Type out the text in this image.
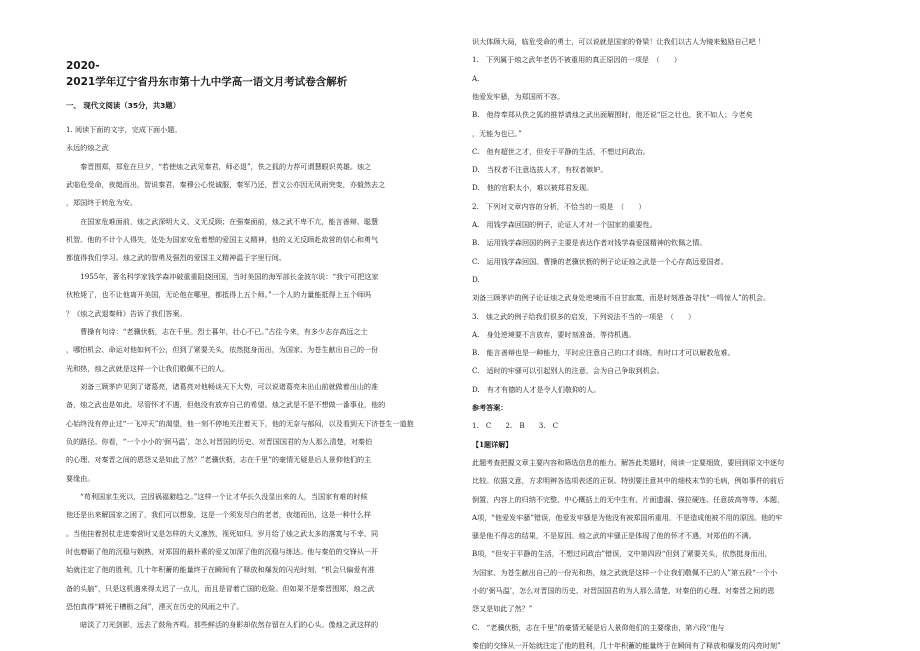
2020-
2021学年辽宁省丹东市第十九中学高一语文月考试卷含解析
一、 现代文阅读（35分，共3题）
1. 阅读下面的文字，完成下面小题。
永远的烛之武
　　秦晋围郑，郑危在旦夕，“若使烛之武见秦君，师必退”，佚之狐的力荐可谓慧眼识英雄。烛之
武临危受命，夜缒而出，智说秦君，秦穆公心悦诚服，秦军乃还，晋文公亦因无风雨突变，亦毅然去之
，郑国终于转危为安。
　　在国家危难面前，烛之武深明大义、义无反顾；在强秦面前，烛之武不卑不亢，能言善辩、聪慧
机智。他的不计个人得失，处处为国家安危着想的爱国主义精神，他的义无反顾赴敌营的信心和勇气
都值得我们学习。烛之武的智勇及强烈的爱国主义精神温于字里行间。
　　1955年，著名科学家钱学森冲破重重阻挠回国，当时美国的海军部长金波尔说：“我宁可把这家
伙枪毙了，也不让他离开美国，无论他在哪里，都抵得上五个师。”一个人的力量能抵得上五个师吗
？《烛之武退秦师》告诉了我们答案。
　　曹操有句诗：“老骥伏枥，志在千里。烈士暮年，壮心不已。”古往今来，有多少志存高远之士
，哪怕机会、命运对他如何不公，但到了紧要关头，依然挺身而出，为国家、为苍生献出自己的一份
光和热，烛之武就是这样一个让我们敬佩不已的人。
　　刘备三顾茅庐见到了诸葛亮，诸葛亮对他畅谈天下大势，可以说诸葛亮未出山前就做着出山的准
备，烛之武也是如此，尽管怀才不遇，但他没有放弃自己的希望。烛之武是不是不想做一番事业，他的
心始终没有停止过“一飞冲天”的渴望，他一刻不停地关注着天下，他的无奈与郁闷，以及看到天下济苍生一道抱
负的路径。你看，“一个小小的‘弼马温’，怎么对晋国的历史、对晋国国君的为人那么清楚，对秦伯
的心理、对秦晋之间的恩怨又是如此了然？”老骥伏枥，志在千里”的豪情无疑是后人景仰他们的主
要缘由。
　　“苟利国家生死以，岂因祸福避趋之。”这样一个让才华长久没显出来的人，当国家有难的时候
他还是出来解国家之困了，我们可以想象，这是一个须发尽白的老者，夜缒而出，这是一种什么样
。当他挂着拐杖走进秦营时又是怎样的大义凛然，视死如归。岁月给了烛之武太多的落寞与不幸，同
时也磨砺了他的沉稳与娴熟，对郑国的最朴素的爱又加深了他的沉稳与练达。他与秦伯的交锋从一开
始就注定了他的胜利，几十年积蓄的能量终于在瞬间有了释放和爆发的闪光时刻，“机会只偏爱有准
备的头脑”，只是这机遇来得太迟了一点儿，而且是冒着亡国的危险。但如果不是秦晋围郑，烛之武
恐怕真得“耕死于槽枥之间”，湮灭在历史的风雨之中了。
　　暗淡了刀光剑影，远去了鼓角齐鸣。那些鲜活的身影却依然存留在人们的心头。像烛之武这样的
识大体顾大局，临危受命的勇士，可以说就是国家的脊梁！让我们以古人为镜来勉励自己吧 ！
1.　下列属于烛之武年老仍不被重用的真正原因的一项是　（　　）
A.
他爱发牢骚，为郑国所不容。
B.　他侍奉郑从佚之狐的推荐请烛之武出面解围时，他还说“臣之壮也，犹不如人；今老矣
，无能为也已。”
C.　他有超世之才，但安于平静的生活，不想过问政治。
D.　当权者不注意选拔人才，有权者嫉妒。
D.　他的官职太小，难以被郑君发现。
2.　下列对文章内容的分析，不恰当的一项是　（　　）
A.　用钱学森回国的例子，论证人才对一个国家的重要性。
B.　运用钱学森回国的例子主要是表达作者对钱学森爱国精神的钦佩之情。
C.　运用钱学森回国、曹操的老骥伏枥的例子论证烛之武是一个心存高远爱国者。
D.
刘备三顾茅庐的例子论证烛之武身处逆境而不自甘寂寞，而是时刻准备寻找“一鸣惊人”的机会。
3.　烛之武的例子给我们很多的启发，下列说法不当的一项是　（　　）
A.　身处逆境要不言放弃，要时刻准备，等待机遇。
B.　能言善辩也是一种能力，平时应注意自己的口才训练，有时口才可以解救危难。
C.　适时的牢骚可以引起别人的注意，会为自己争取到机会。
D.　有才有德的人才是令人们敬仰的人。
参考答案：
1.　C　　2.　B　　3.　C
【1题详解】
此题考查把握文章主要内容和筛选信息的能力。解答此类题时，阅读一定要细致，要回到原文中逐句
比较。依据文意，方求明辨各选项表述的正误。特别要注意其中的细枝末节的毛病，例如事件的前后
倒置、内容上的归纳不完整、中心概括上的无中生有、片面遗漏、强拉硬连、任意拔高等等。本题，
A项，“他爱发牢骚”错误，他爱发牢骚是为他没有被郑国所重用，不是造成他被不用的原因。他的牢
骚是他不得志的结果，不是原因。烛之武的牢骚正是体现了他的怀才不遇，对郑伯的不满。
B项，“但安于平静的生活，不想过问政治”错误，文中第四段“但到了紧要关头，依然挺身而出，
为国家、为苍生献出自己的一份光和热，烛之武就是这样一个让我们敬佩不已的人”第五段“一个小
小的‘弼马温’，怎么对晋国的历史、对晋国国君的为人那么清楚，对秦伯的心理、对秦晋之间的恩
怨又是如此了然？”
C.　“老骥伏枥，志在千里”的豪情无疑是后人景仰他们的主要缘由，第六段“他与
秦伯的交锋从一开始就注定了他的胜利，几十年积蓄的能量终于在瞬间有了释放和爆发的闪亮时刻”
